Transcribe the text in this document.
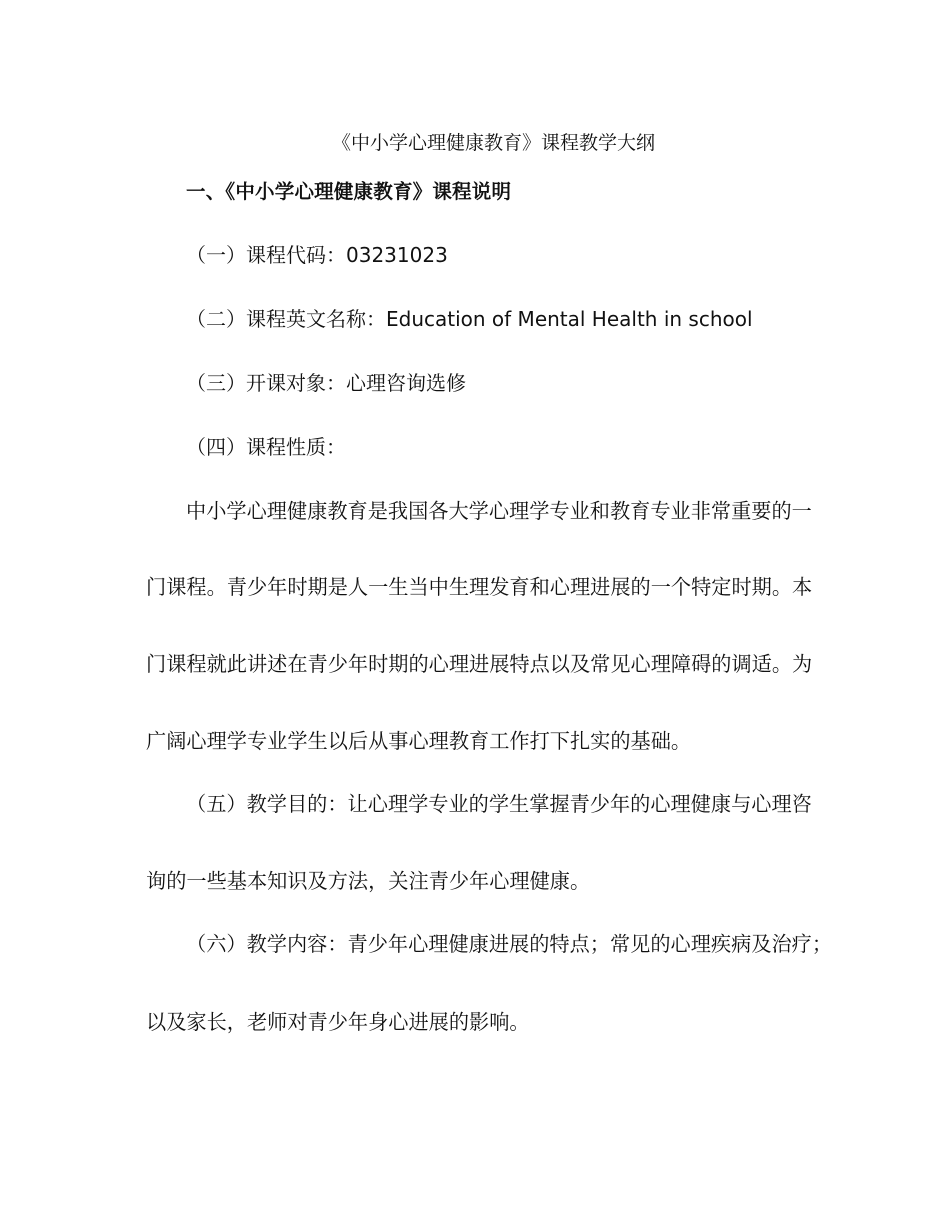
《中小学心理健康教育》课程教学大纲
一、《中小学心理健康教育》课程说明
（一）课程代码：03231023
（二）课程英文名称：Education of Mental Health in school
（三）开课对象：心理咨询选修
（四）课程性质：
中小学心理健康教育是我国各大学心理学专业和教育专业非常重要的一
门课程。青少年时期是人一生当中生理发育和心理进展的一个特定时期。本
门课程就此讲述在青少年时期的心理进展特点以及常见心理障碍的调适。为
广阔心理学专业学生以后从事心理教育工作打下扎实的基础。
（五）教学目的：让心理学专业的学生掌握青少年的心理健康与心理咨
询的一些基本知识及方法，关注青少年心理健康。
（六）教学内容：青少年心理健康进展的特点；常见的心理疾病及治疗；
以及家长，老师对青少年身心进展的影响。
